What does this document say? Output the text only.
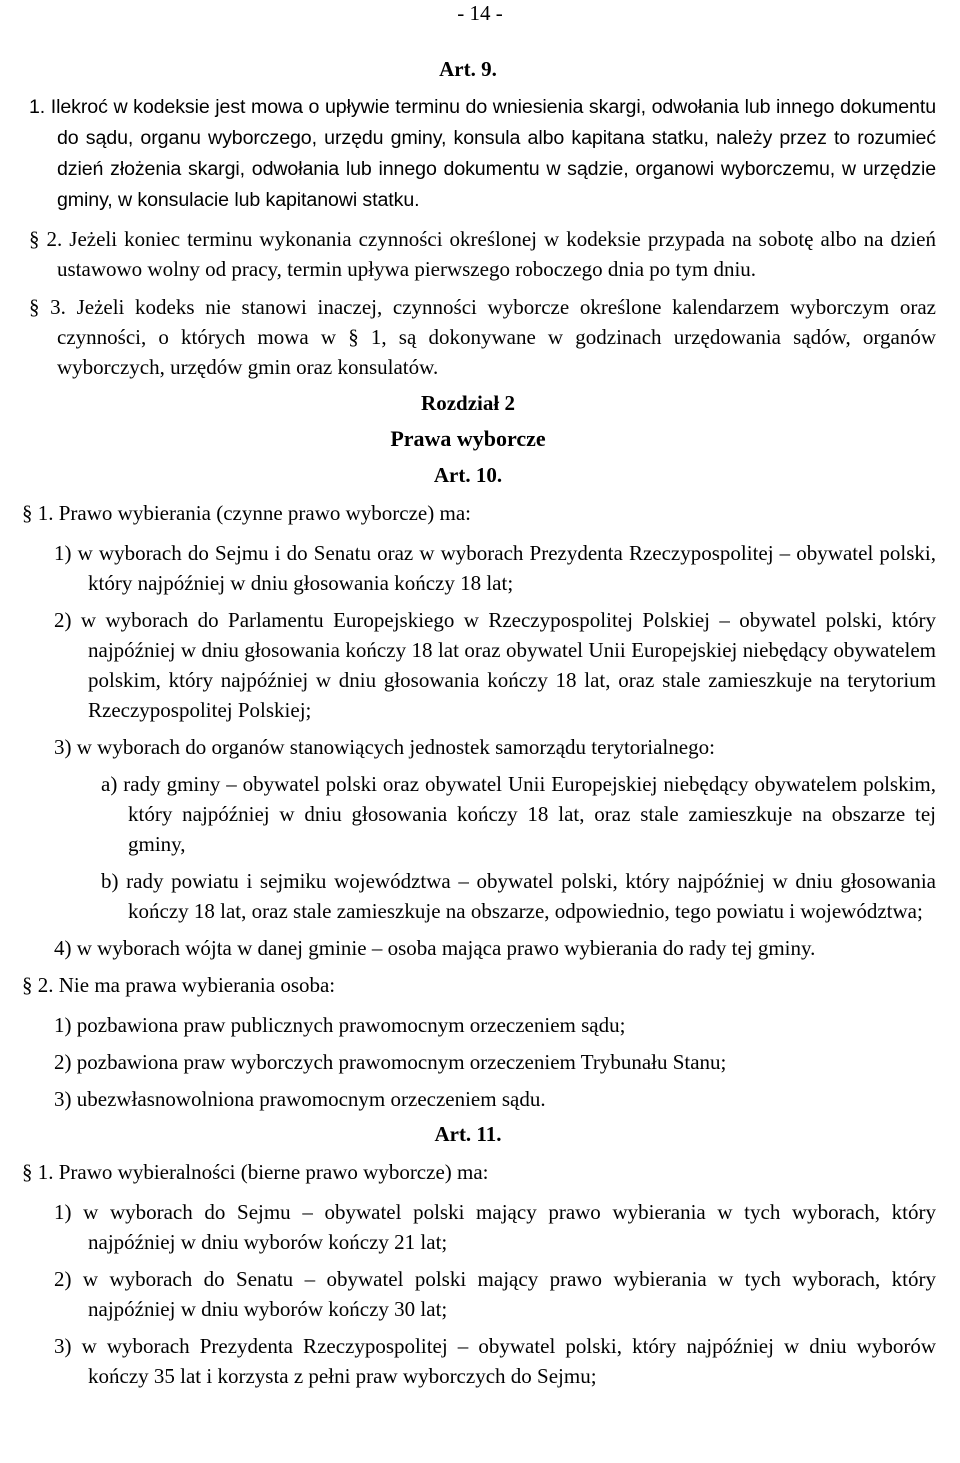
- 14 -
Art. 9.

1. Ilekroć w kodeksie jest mowa o upływie terminu do wniesienia skargi, odwołania lub innego dokumentu do sądu, organu wyborczego, urzędu gminy, konsula albo kapitana statku, należy przez to rozumieć dzień złożenia skargi, odwołania lub innego dokumentu w sądzie, organowi wyborczemu, w urzędzie gminy, w konsulacie lub kapitanowi statku.

§ 2. Jeżeli koniec terminu wykonania czynności określonej w kodeksie przypada na sobotę albo na dzień ustawowo wolny od pracy, termin upływa pierwszego roboczego dnia po tym dniu.

§ 3. Jeżeli kodeks nie stanowi inaczej, czynności wyborcze określone kalendarzem wyborczym oraz czynności, o których mowa w § 1, są dokonywane w godzinach urzędowania sądów, organów wyborczych, urzędów gmin oraz konsulatów.

Rozdział 2
Prawa wyborcze
Art. 10.

§ 1. Prawo wybierania (czynne prawo wyborcze) ma:

1) w wyborach do Sejmu i do Senatu oraz w wyborach Prezydenta Rzeczypospolitej – obywatel polski, który najpóźniej w dniu głosowania kończy 18 lat;

2) w wyborach do Parlamentu Europejskiego w Rzeczypospolitej Polskiej – obywatel polski, który najpóźniej w dniu głosowania kończy 18 lat oraz obywatel Unii Europejskiej niebędący obywatelem polskim, który najpóźniej w dniu głosowania kończy 18 lat, oraz stale zamieszkuje na terytorium Rzeczypospolitej Polskiej;

3) w wyborach do organów stanowiących jednostek samorządu terytorialnego:

a) rady gminy – obywatel polski oraz obywatel Unii Europejskiej niebędący obywatelem polskim, który najpóźniej w dniu głosowania kończy 18 lat, oraz stale zamieszkuje na obszarze tej gminy,

b) rady powiatu i sejmiku województwa – obywatel polski, który najpóźniej w dniu głosowania kończy 18 lat, oraz stale zamieszkuje na obszarze, odpowiednio, tego powiatu i województwa;

4) w wyborach wójta w danej gminie – osoba mająca prawo wybierania do rady tej gminy.

§ 2. Nie ma prawa wybierania osoba:

1) pozbawiona praw publicznych prawomocnym orzeczeniem sądu;

2) pozbawiona praw wyborczych prawomocnym orzeczeniem Trybunału Stanu;

3) ubezwłasnowolniona prawomocnym orzeczeniem sądu.

Art. 11.

§ 1. Prawo wybieralności (bierne prawo wyborcze) ma:

1) w wyborach do Sejmu – obywatel polski mający prawo wybierania w tych wyborach, który najpóźniej w dniu wyborów kończy 21 lat;

2) w wyborach do Senatu – obywatel polski mający prawo wybierania w tych wyborach, który najpóźniej w dniu wyborów kończy 30 lat;

3) w wyborach Prezydenta Rzeczypospolitej – obywatel polski, który najpóźniej w dniu wyborów kończy 35 lat i korzysta z pełni praw wyborczych do Sejmu;
